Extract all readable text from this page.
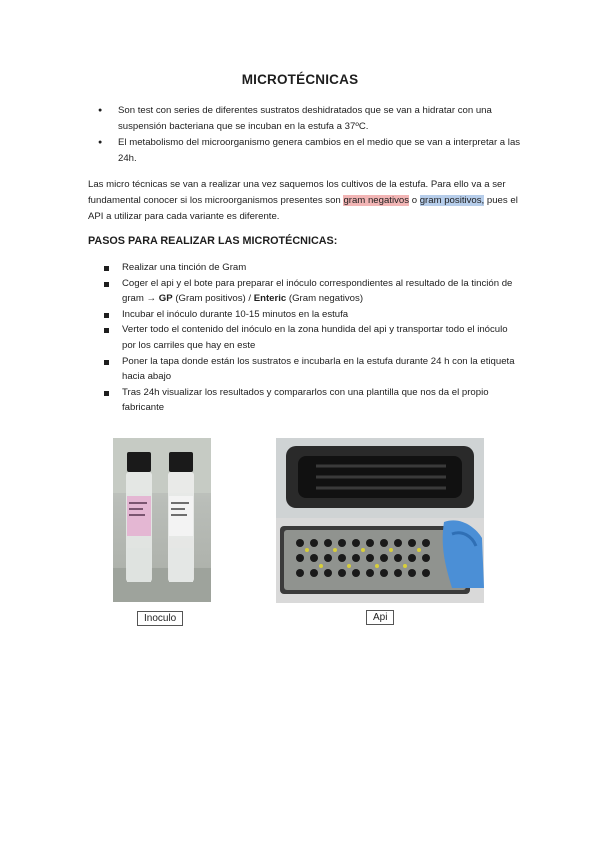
MICROTÉCNICAS
● Son test con series de diferentes sustratos deshidratados que se van a hidratar con una suspensión bacteriana que se incuban en la estufa a 37ºC.
● El metabolismo del microorganismo genera cambios en el medio que se van a interpretar a las 24h.

Las micro técnicas se van a realizar una vez saquemos los cultivos de la estufa. Para ello va a ser fundamental conocer si los microorganismos presentes son gram negativos o gram positivos, pues el API a utilizar para cada variante es diferente.

PASOS PARA REALIZAR LAS MICROTÉCNICAS:
Realizar una tinción de Gram
Coger el api y el bote para preparar el inóculo correspondientes al resultado de la tinción de gram → GP (Gram positivos) / Enteric (Gram negativos)
Incubar el inóculo durante 10-15 minutos en la estufa
Verter todo el contenido del inóculo en la zona hundida del api y transportar todo el inóculo por los carriles que hay en este
Poner la tapa donde están los sustratos e incubarla en la estufa durante 24 h con la etiqueta hacia abajo
Tras 24h visualizar los resultados y compararlos con una plantilla que nos da el propio fabricante
Inoculo	Api
